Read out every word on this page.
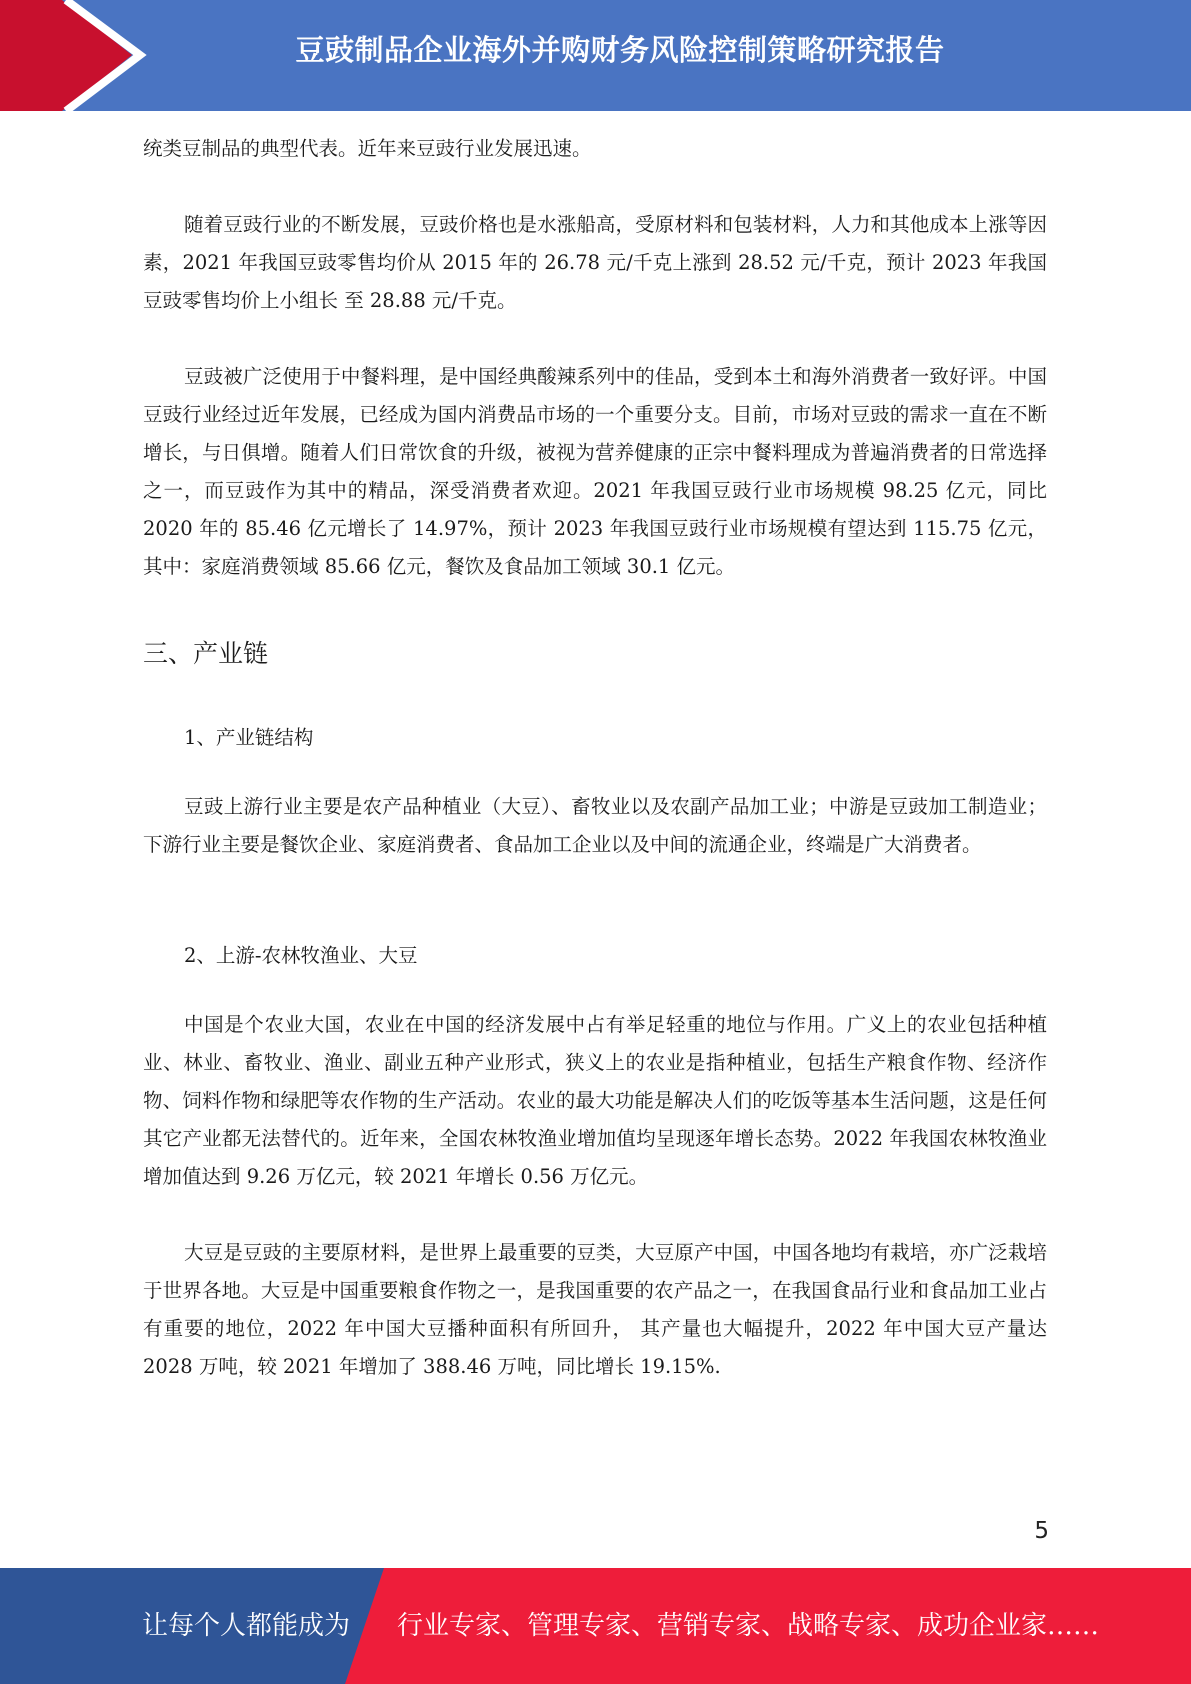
豆豉制品企业海外并购财务风险控制策略研究报告

统类豆制品的典型代表。近年来豆豉行业发展迅速。

随着豆豉行业的不断发展，豆豉价格也是水涨船高，受原材料和包装材料，人力和其他成本上涨等因素，2021 年我国豆豉零售均价从 2015 年的 26.78 元/千克上涨到 28.52 元/千克，预计 2023 年我国豆豉零售均价上小组长 至 28.88 元/千克。

豆豉被广泛使用于中餐料理，是中国经典酸辣系列中的佳品，受到本土和海外消费者一致好评。中国豆豉行业经过近年发展，已经成为国内消费品市场的一个重要分支。目前，市场对豆豉的需求一直在不断增长，与日俱增。随着人们日常饮食的升级，被视为营养健康的正宗中餐料理成为普遍消费者的日常选择之一，而豆豉作为其中的精品，深受消费者欢迎。2021 年我国豆豉行业市场规模 98.25 亿元，同比 2020 年的 85.46 亿元增长了 14.97%，预计 2023 年我国豆豉行业市场规模有望达到 115.75 亿元，其中：家庭消费领域 85.66 亿元，餐饮及食品加工领域 30.1 亿元。

三、产业链
1、产业链结构

豆豉上游行业主要是农产品种植业（大豆）、畜牧业以及农副产品加工业；中游是豆豉加工制造业；下游行业主要是餐饮企业、家庭消费者、食品加工企业以及中间的流通企业，终端是广大消费者。

2、上游-农林牧渔业、大豆

中国是个农业大国，农业在中国的经济发展中占有举足轻重的地位与作用。广义上的农业包括种植业、林业、畜牧业、渔业、副业五种产业形式，狭义上的农业是指种植业，包括生产粮食作物、经济作物、饲料作物和绿肥等农作物的生产活动。农业的最大功能是解决人们的吃饭等基本生活问题，这是任何其它产业都无法替代的。近年来，全国农林牧渔业增加值均呈现逐年增长态势。2022 年我国农林牧渔业增加值达到 9.26 万亿元，较 2021 年增长 0.56 万亿元。

大豆是豆豉的主要原材料，是世界上最重要的豆类，大豆原产中国，中国各地均有栽培，亦广泛栽培于世界各地。大豆是中国重要粮食作物之一，是我国重要的农产品之一，在我国食品行业和食品加工业占有重要的地位，2022 年中国大豆播种面积有所回升， 其产量也大幅提升，2022 年中国大豆产量达 2028 万吨，较 2021 年增加了 388.46 万吨，同比增长 19.15%.

5
让每个人都能成为 行业专家、管理专家、营销专家、战略专家、成功企业家……
